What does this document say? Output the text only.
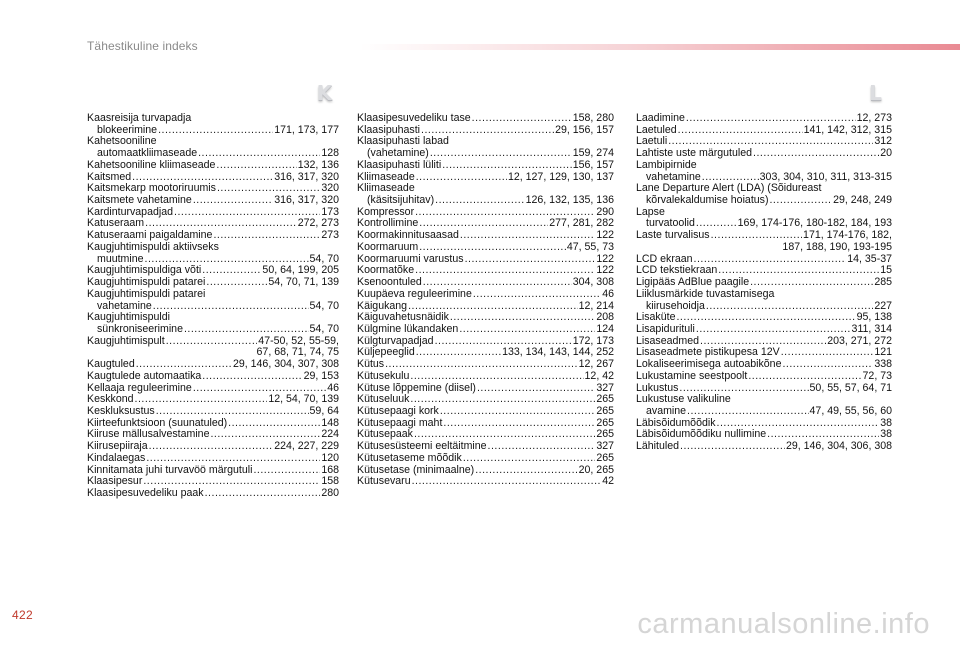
Tähestikuline indeks
K	L
Kaasreisija turvapadja
blokeerimine .....	171, 173, 177
Kahetsooniline
automaatkliimaseade .....	128
Kahetsooniline kliimaseade .....	132, 136
Kaitsmed .....	316, 317, 320
Kaitsmekarp mootoriruumis .....	320
Kaitsmete vahetamine .....	316, 317, 320
Kardinturvapadjad .....	173
Katuseraam .....	272, 273
Katuseraami paigaldamine .....	273
Kaugjuhtimispuldi aktiivseks
muutmine .....	54, 70
Kaugjuhtimispuldiga võti .....	50, 64, 199, 205
Kaugjuhtimispuldi patarei .....	54, 70, 71, 139
Kaugjuhtimispuldi patarei
vahetamine .....	54, 70
Kaugjuhtimispuldi
sünkroniseerimine .....	54, 70
Kaugjuhtimispult .....	47-50, 52, 55-59,
67, 68, 71, 74, 75
Kaugtuled .....	29, 146, 304, 307, 308
Kaugtulede automaatika .....	29, 153
Kellaaja reguleerimine .....	46
Keskkond .....	12, 54, 70, 139
Keskluksustus .....	59, 64
Kiirteefunktsioon (suunatuled) .....	148
Kiiruse mällusalvestamine .....	224
Kiirusepiiraja .....	224, 227, 229
Kindalaegas .....	120
Kinnitamata juhi turvavöö märgutuli .....	168
Klaasipesur .....	158
Klaasipesuvedeliku paak .....	280
Klaasipesuvedeliku tase .....	158, 280
Klaasipuhasti .....	29, 156, 157
Klaasipuhasti labad
(vahetamine) .....	159, 274
Klaasipuhasti lüliti .....	156, 157
Kliimaseade .....	12, 127, 129, 130, 137
Kliimaseade
(käsitsijuhitav) .....	126, 132, 135, 136
Kompressor .....	290
Kontrollimine .....	277, 281, 282
Koormakinnitusaasad .....	122
Koormaruum .....	47, 55, 73
Koormaruumi varustus .....	122
Koormatõke .....	122
Ksenoontuled .....	304, 308
Kuupäeva reguleerimine .....	46
Käigukang .....	12, 214
Käiguvahetusnäidik .....	208
Külgmine lükandaken .....	124
Külgturvapadjad .....	172, 173
Küljepeeglid .....	133, 134, 143, 144, 252
Kütus .....	12, 267
Kütusekulu .....	12, 42
Kütuse lõppemine (diisel) .....	327
Kütuseluuk .....	265
Kütusepaagi kork .....	265
Kütusepaagi maht .....	265
Kütusepaak .....	265
Kütusesüsteemi eeltäitmine .....	327
Kütusetaseme mõõdik .....	265
Kütusetase (minimaalne) .....	20, 265
Kütusevaru .....	42
Laadimine .....	12, 273
Laetuled .....	141, 142, 312, 315
Laetuli .....	312
Lahtiste uste märgutuled .....	20
Lambipirnide
vahetamine .....	303, 304, 310, 311, 313-315
Lane Departure Alert (LDA) (Sõidureast
kõrvalekaldumise hoiatus) .....	29, 248, 249
Lapse
turvatoolid .....	169, 174-176, 180-182, 184, 193
Laste turvalisus .....	171, 174-176, 182,
187, 188, 190, 193-195
LCD ekraan .....	14, 35-37
LCD tekstiekraan .....	15
Ligipääs AdBlue paagile .....	285
Liiklusmärkide tuvastamisega
kiirusehoidja .....	227
Lisaküte .....	95, 138
Lisapidurituli .....	311, 314
Lisaseadmed .....	203, 271, 272
Lisaseadmete pistikupesa 12V .....	121
Lokaliseerimisega autoabikõne .....	338
Lukustamine seestpoolt .....	72, 73
Lukustus .....	50, 55, 57, 64, 71
Lukustuse valikuline
avamine .....	47, 49, 55, 56, 60
Läbisõidumõõdik .....	38
Läbisõidumõõdiku nullimine .....	38
Lähituled .....	29, 146, 304, 306, 308
422	carmanualsonline.info
